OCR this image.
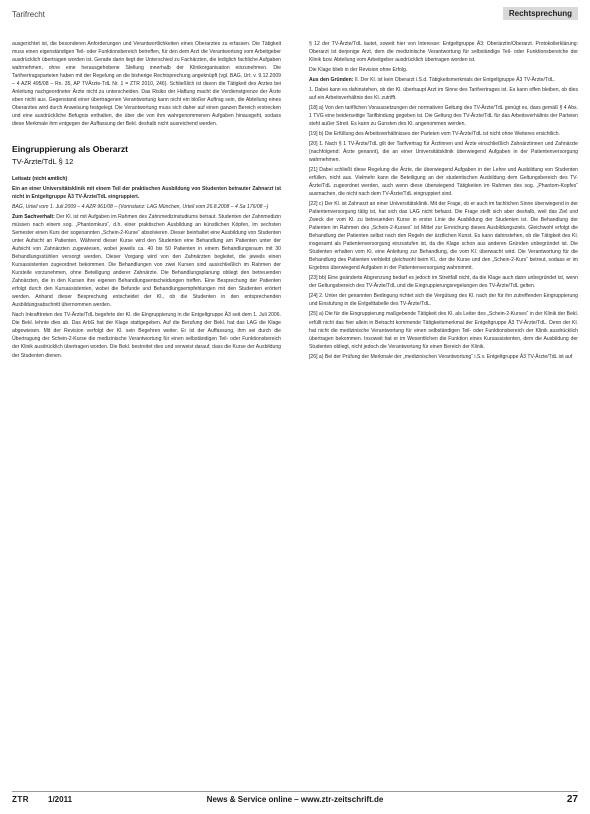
Tarifrecht	Rechtsprechung

ausgerichtet ist, die besonderen Anforderungen und Verantwortlichkeiten eines Oberarztes zu erfassen. Die Tätigkeit muss einen eigenständigen Teil- oder Funktionsbereich betreffen, für den dem Arzt die Verantwortung vom Arbeitgeber ausdrücklich übertragen worden ist. Gerade darin liegt der Unterschied zu Fachärzten, die lediglich fachliche Aufgaben wahrnehmen, ohne eine herausgehobene Stellung innerhalb der Klinikorganisation einzunehmen. Die Tarifvertragsparteien haben mit der Regelung an die bisherige Rechtsprechung angeknüpft (vgl. BAG, Urt. v. 9.12.2009 – 4 AZR 495/08 – Rn. 35, AP TVÄrzte-TdL Nr. 1 = ZTR 2010, 246). Schließlich ist davon die Tätigkeit des Arztes bei Anleitung nachgeordneter Ärzte nicht zu unterscheiden. Das Risiko der Haftung macht die Verdienstgrenze der Ärzte eben nicht aus. Gegenstand einer übertragenen Verantwortung kann nicht ein bloßer Auftrag sein, die Abteilung eines Oberarztes wird durch Anweisung festgelegt. Die Verantwortung muss sich daher auf einen ganzen Bereich erstrecken und eine ausdrückliche Befugnis enthalten, die über die von ihm wahrgenommenen Aufgaben hinausgeht, sodass diese Merkmale ihm entgegen der Auffassung der Bekl. deshalb nicht ausreichend werden.

Eingruppierung als Oberarzt
TV-Ärzte/TdL § 12

Leitsatz (nicht amtlich)

Ein an einer Universitätsklinik mit einem Teil der praktischen Ausbildung von Studenten betrauter Zahnarzt ist nicht in Entgeltgruppe Ä3 TV-Ärzte/TdL eingruppiert.

BAG, Urteil vom 1. Juli 2009 – 4 AZR 961/08 – (Vorinstanz: LAG München, Urteil vom 26.8.2008 – 4 Sa 176/08 –)

Zum Sachverhalt: Der Kl. ist mit Aufgaben im Rahmen des Zahnmedizinstudiums betraut. Studenten der Zahnmedizin müssen nach einem sog. „Phantomkurs“, d.h. einer praktischen Ausbildung an künstlichen Köpfen, im sechsten Semester einen Kurs der sogenannten „Schein-2-Kurse“ absolvieren. Dieser beinhaltet eine Ausbildung von Studenten unter Aufsicht an Patienten. Während dieser Kurse wird den Studenten eine Behandlung am Patienten unter der Aufsicht von Zahnärzten zugewiesen, wobei jeweils ca. 40 bis 50 Patienten in einem Behandlungsraum mit 30 Behandlungsstühlen versorgt werden. Dieser Vorgang wird von den Zahnärzten begleitet, die jeweils einen Kursassistenten zugeordnet bekommen. Die Behandlungen von zwei Kursen sind ausschließlich im Rahmen der Kursteile vorzunehmen, ohne Beteiligung anderer Zahnärzte. Die Behandlungsplanung obliegt den betreuenden Zahnärzten, die in den Kursen ihre eigenen Behandlungsentscheidungen treffen. Eine Besprechung der Patienten erfolgt durch den Kursassistenten, wobei die Befunde und Behandlungsempfehlungen mit den Studenten erörtert werden. Anhand dieser Besprechung entscheidet der Kl., ob die Studenten in den entsprechenden Ausbildungsabschnitt übernommen werden.

Nach Inkrafttreten des TV-Ärzte/TdL begehrte der Kl. die Eingruppierung in die Entgeltgruppe Ä3 seit dem 1. Juli 2006. Die Bekl. lehnte dies ab. Das ArbG hat der Klage stattgegeben. Auf die Berufung der Bekl. hat das LAG die Klage abgewiesen. Mit der Revision verfolgt der Kl. sein Begehren weiter. Er ist der Auffassung, ihm sei durch die Übertragung der Schein-2-Kurse die medizinische Verantwortung für einen selbständigen Teil- oder Funktionsbereich der Klinik ausdrücklich übertragen worden. Die Bekl. bestreitet dies und verweist darauf, dass die Kurse der Ausbildung der Studenten dienen.

§ 12 der TV-Ärzte/TdL lautet, soweit hier von Interesse: Entgeltgruppe Ä3: Oberärztin/Oberarzt. Protokollerklärung: Oberarzt ist derjenige Arzt, dem die medizinische Verantwortung für selbständige Teil- oder Funktionsbereiche der Klinik bzw. Abteilung vom Arbeitgeber ausdrücklich übertragen worden ist.

Die Klage blieb in der Revision ohne Erfolg.

Aus den Gründen: II. Der Kl. ist kein Oberarzt i.S.d. Tätigkeitsmerkmals der Entgeltgruppe Ä3 TV-Ärzte/TdL.

1. Dabei kann es dahinstehen, ob der Kl. überhaupt Arzt im Sinne des Tarifvertrages ist. Es kann offen bleiben, ob dies auf ein Arbeitsverhältnis des Kl. zutrifft.

[18] a) Von den tariflichen Voraussetzungen der normativen Geltung des TV-Ärzte/TdL genügt es, dass gemäß § 4 Abs. 1 TVG eine beiderseitige Tarifbindung gegeben ist. Die Geltung des TV-Ärzte/TdL für das Arbeitsverhältnis der Parteien steht außer Streit. Es kann zu Gunsten des Kl. angenommen werden.

[19] b) Die Erfüllung des Arbeitsverhältnisses der Parteien vom TV-Ärzte/TdL ist nicht ohne Weiteres ersichtlich.

[20] 1. Nach § 1 TV-Ärzte/TdL gilt der Tarifvertrag für Ärztinnen und Ärzte einschließlich Zahnärztinnen und Zahnärzte (nachfolgend: Ärzte genannt), die an einer Universitätsklinik überwiegend Aufgaben in der Patientenversorgung wahrnehmen.

[21] Dabei schließt diese Regelung die Ärzte, die überwiegend Aufgaben in der Lehre und Ausbildung von Studenten erfüllen, nicht aus. Vielmehr kann die Beteiligung an der studentischen Ausbildung dem Geltungsbereich des TV-Ärzte/TdL zugeordnet werden, auch wenn diese überwiegend Tätigkeiten im Rahmen des sog. „Phantom-Kopfes“ ausmachen, die nicht nach dem TV-Ärzte/TdL eingruppiert sind.

[22] c) Der Kl. ist Zahnarzt an einer Universitätsklinik. Mit der Frage, ob er auch im fachlichen Sinne überwiegend in der Patientenversorgung tätig ist, hat sich das LAG nicht befasst. Die Frage stellt sich aber deshalb, weil das Ziel und Zweck der vom Kl. zu betreuenden Kurse in erster Linie die Ausbildung der Studenten ist. Die Behandlung der Patienten im Rahmen des „Schein-2-Kurses“ ist Mittel zur Erreichung dieses Ausbildungsziels. Gleichwohl erfolgt die Behandlung der Patienten selbst nach den Regeln der ärztlichen Kunst. Es kann dahinstehen, ob die Tätigkeit des Kl. insgesamt als Patientenversorgung einzustufen ist, da die Klage schon aus anderen Gründen unbegründet ist. Die Studenten erhalten vom Kl. eine Anleitung zur Behandlung, die vom Kl. überwacht wird. Die Verantwortung für die Behandlung des Patienten verbleibt gleichwohl beim Kl., der die Kurse und den „Schein-2-Kurs“ betreut, sodass er im Ergebnis überwiegend Aufgaben in der Patientenversorgung wahrnimmt.

[23] bb) Eine geänderte Abgrenzung bedarf es jedoch im Streitfall nicht, da die Klage auch dann unbegründet ist, wenn der Geltungsbereich des TV-Ärzte/TdL und die Eingruppierungsregelungen des TV-Ärzte/TdL gelten.

[24] 2. Unter der genannten Bedingung richtet sich die Vergütung des Kl. nach der für ihn zutreffenden Eingruppierung und Einstufung in die Entgelttabelle des TV-Ärzte/TdL.

[25] a) Die für die Eingruppierung maßgebende Tätigkeit des Kl. als Leiter des „Schein-2-Kurses“ in der Klinik der Bekl. erfüllt nicht das hier allein in Betracht kommende Tätigkeitsmerkmal der Entgeltgruppe Ä3 TV-Ärzte/TdL. Denn der Kl. hat nicht die medizinische Verantwortung für einen selbständigen Teil- oder Funktionsbereich der Klinik ausdrücklich übertragen bekommen. Insoweit hat er im Wesentlichen die Funktion eines Kursassistenten, dem die Ausbildung der Studenten obliegt, nicht jedoch die Verantwortung für einen Bereich der Klinik.

[26] a) Bei der Prüfung der Merkmale der „medizinischen Verantwortung“ i.S.v. Entgeltgruppe Ä3 TV-Ärzte/TdL ist auf

ZTR 1/2011	News & Service online – www.ztr-zeitschrift.de	27
